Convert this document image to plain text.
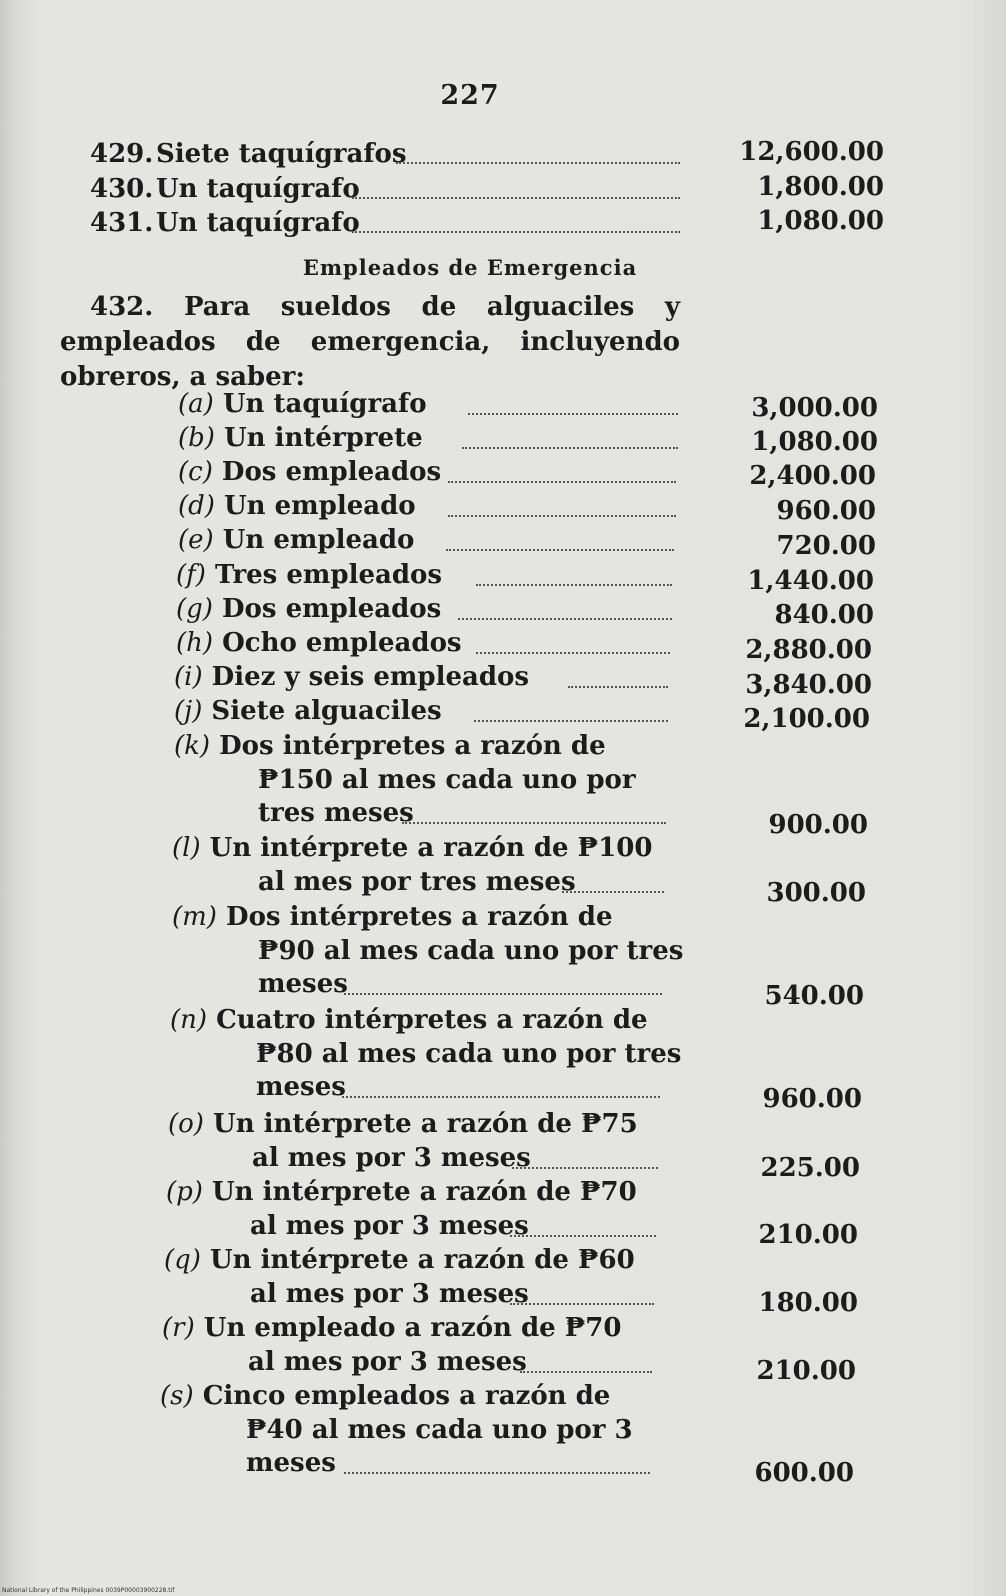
227
429. Siete taquígrafos	12,600.00
430. Un taquígrafo	1,800.00
431. Un taquígrafo	1,080.00
Empleados de Emergencia
432. Para sueldos de alguaciles y empleados de emergencia, incluyendo obreros, a saber:
(a) Un taquígrafo	3,000.00
(b) Un intérprete	1,080.00
(c) Dos empleados	2,400.00
(d) Un empleado	960.00
(e) Un empleado	720.00
(f) Tres empleados	1,440.00
(g) Dos empleados	840.00
(h) Ocho empleados	2,880.00
(i) Diez y seis empleados	3,840.00
(j) Siete alguaciles	2,100.00
(k) Dos intérpretes a razón de
₱150 al mes cada uno por
tres meses	900.00
(l) Un intérprete a razón de ₱100
al mes por tres meses	300.00
(m) Dos intérpretes a razón de
₱90 al mes cada uno por tres
meses	540.00
(n) Cuatro intérpretes a razón de
₱80 al mes cada uno por tres
meses	960.00
(o) Un intérprete a razón de ₱75
al mes por 3 meses	225.00
(p) Un intérprete a razón de ₱70
al mes por 3 meses	210.00
(q) Un intérprete a razón de ₱60
al mes por 3 meses	180.00
(r) Un empleado a razón de ₱70
al mes por 3 meses	210.00
(s) Cinco empleados a razón de
₱40 al mes cada uno por 3
meses	600.00
National Library of the Philippines 0039P00003900228.tif
